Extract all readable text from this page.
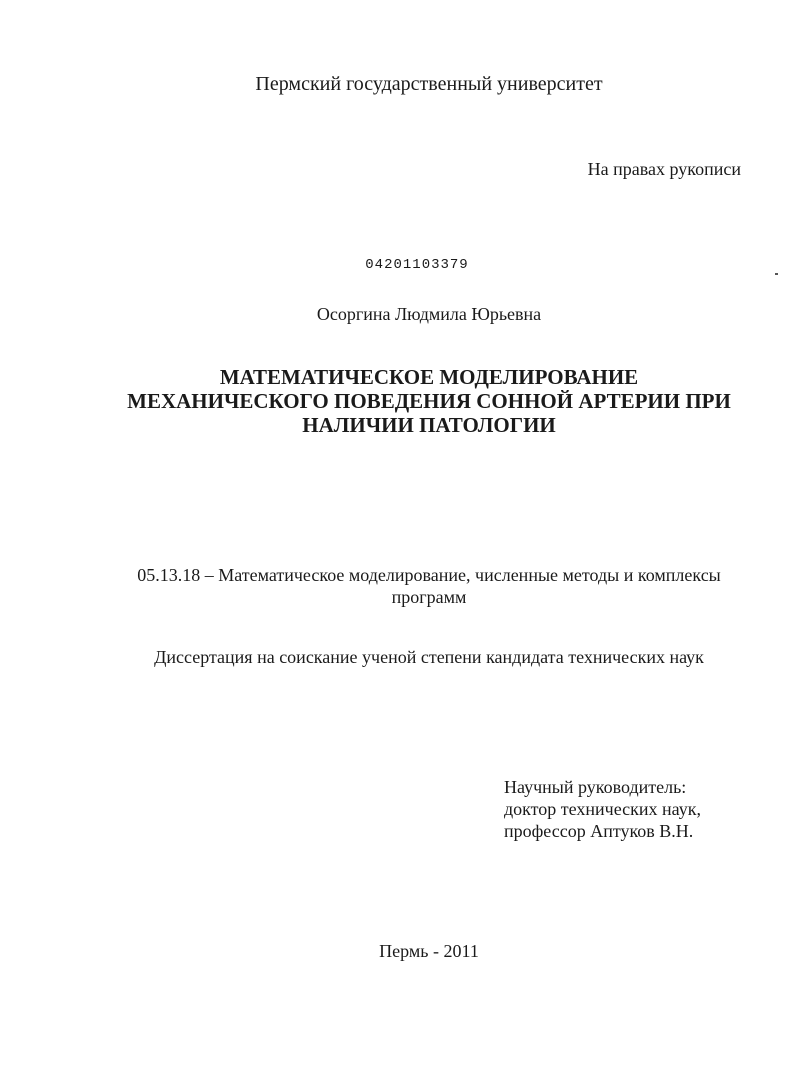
Пермский государственный университет
На правах рукописи
04201103379
Осоргина Людмила Юрьевна
МАТЕМАТИЧЕСКОЕ МОДЕЛИРОВАНИЕ
МЕХАНИЧЕСКОГО ПОВЕДЕНИЯ СОННОЙ АРТЕРИИ ПРИ
НАЛИЧИИ ПАТОЛОГИИ
05.13.18 – Математическое моделирование, численные методы и комплексы
программ
Диссертация на соискание ученой степени кандидата технических наук
Научный руководитель:
доктор технических наук,
профессор Аптуков В.Н.
Пермь - 2011
